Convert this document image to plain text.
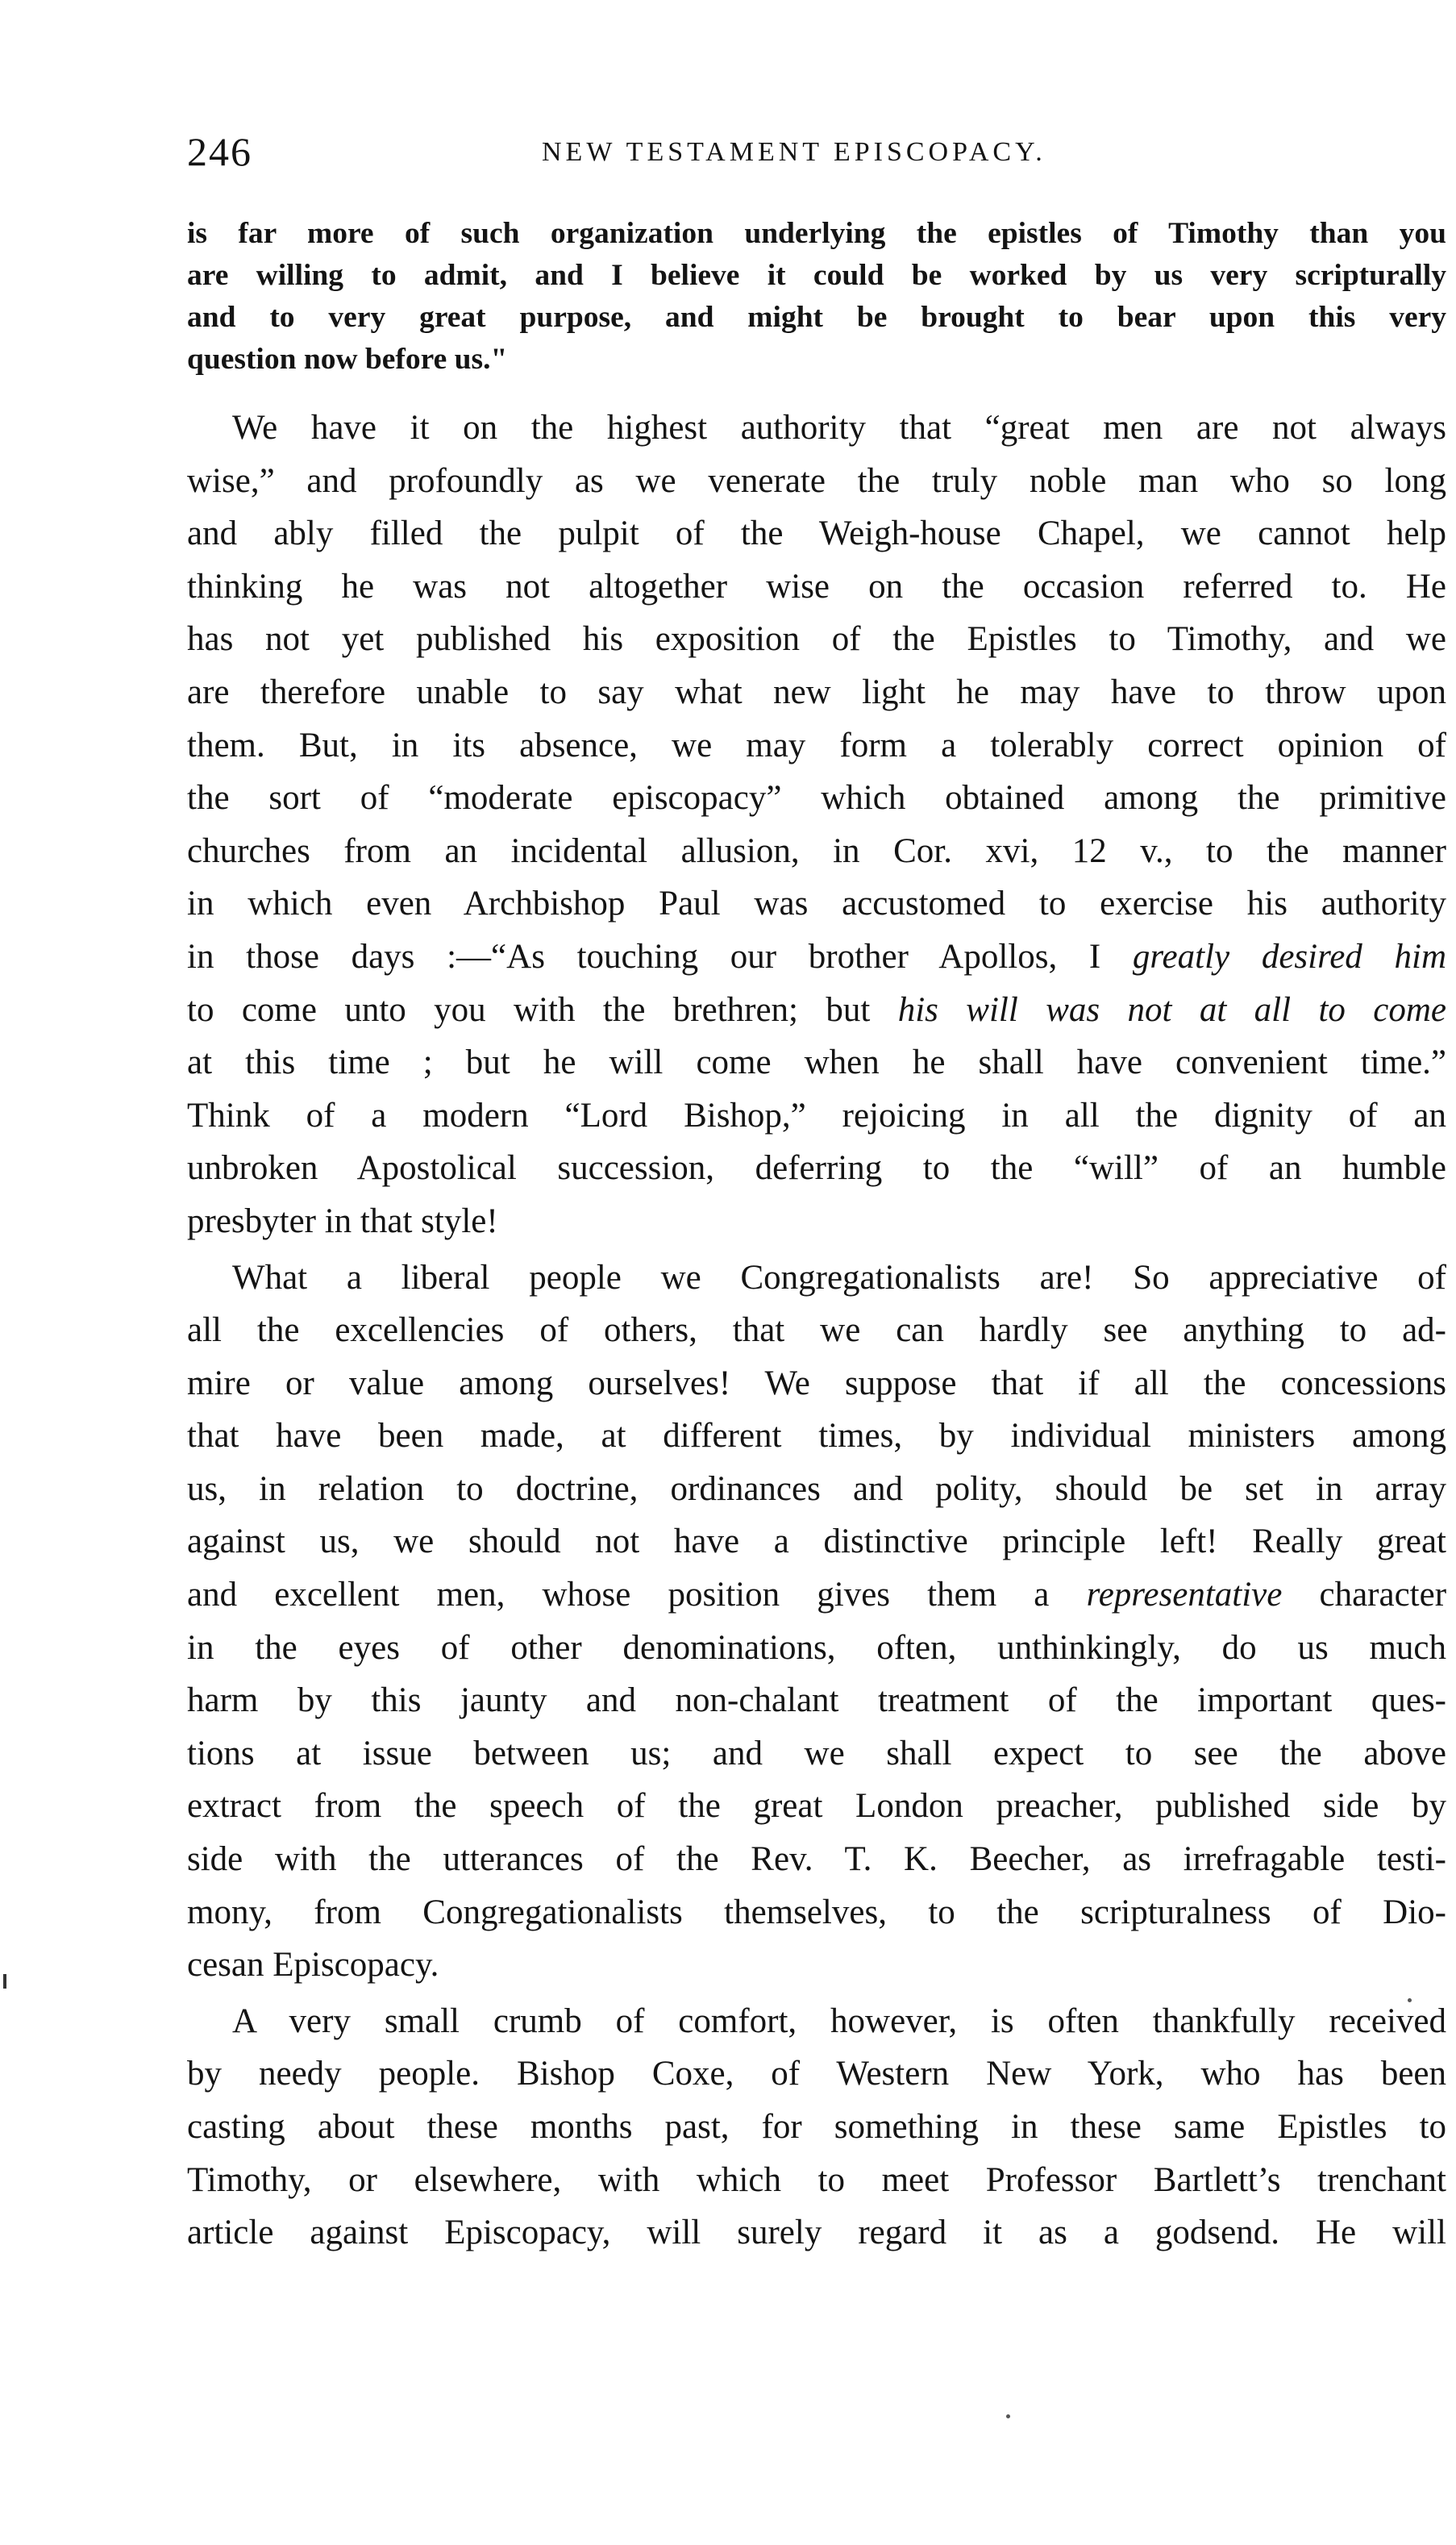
246	NEW TESTAMENT EPISCOPACY.
is far more of such organization underlying the epistles of Timothy than you
are willing to admit, and I believe it could be worked by us very scripturally
and to very great purpose, and might be brought to bear upon this very
question now before us."
We have it on the highest authority that “great men are not always
wise,” and profoundly as we venerate the truly noble man who so long
and ably filled the pulpit of the Weigh-house Chapel, we cannot help
thinking he was not altogether wise on the occasion referred to. He
has not yet published his exposition of the Epistles to Timothy, and we
are therefore unable to say what new light he may have to throw upon
them. But, in its absence, we may form a tolerably correct opinion of
the sort of “moderate episcopacy” which obtained among the primitive
churches from an incidental allusion, in Cor. xvi, 12 v., to the manner
in which even Archbishop Paul was accustomed to exercise his authority
in those days :—“As touching our brother Apollos, I greatly desired him
to come unto you with the brethren; but his will was not at all to come
at this time ; but he will come when he shall have convenient time.”
Think of a modern “Lord Bishop,” rejoicing in all the dignity of an
unbroken Apostolical succession, deferring to the “will” of an humble
presbyter in that style!
What a liberal people we Congregationalists are! So appreciative of
all the excellencies of others, that we can hardly see anything to ad-
mire or value among ourselves! We suppose that if all the concessions
that have been made, at different times, by individual ministers among
us, in relation to doctrine, ordinances and polity, should be set in array
against us, we should not have a distinctive principle left! Really great
and excellent men, whose position gives them a representative character
in the eyes of other denominations, often, unthinkingly, do us much
harm by this jaunty and non-chalant treatment of the important ques-
tions at issue between us; and we shall expect to see the above
extract from the speech of the great London preacher, published side by
side with the utterances of the Rev. T. K. Beecher, as irrefragable testi-
mony, from Congregationalists themselves, to the scripturalness of Dio-
cesan Episcopacy.
A very small crumb of comfort, however, is often thankfully received
by needy people. Bishop Coxe, of Western New York, who has been
casting about these months past, for something in these same Epistles to
Timothy, or elsewhere, with which to meet Professor Bartlett’s trenchant
article against Episcopacy, will surely regard it as a godsend. He will
